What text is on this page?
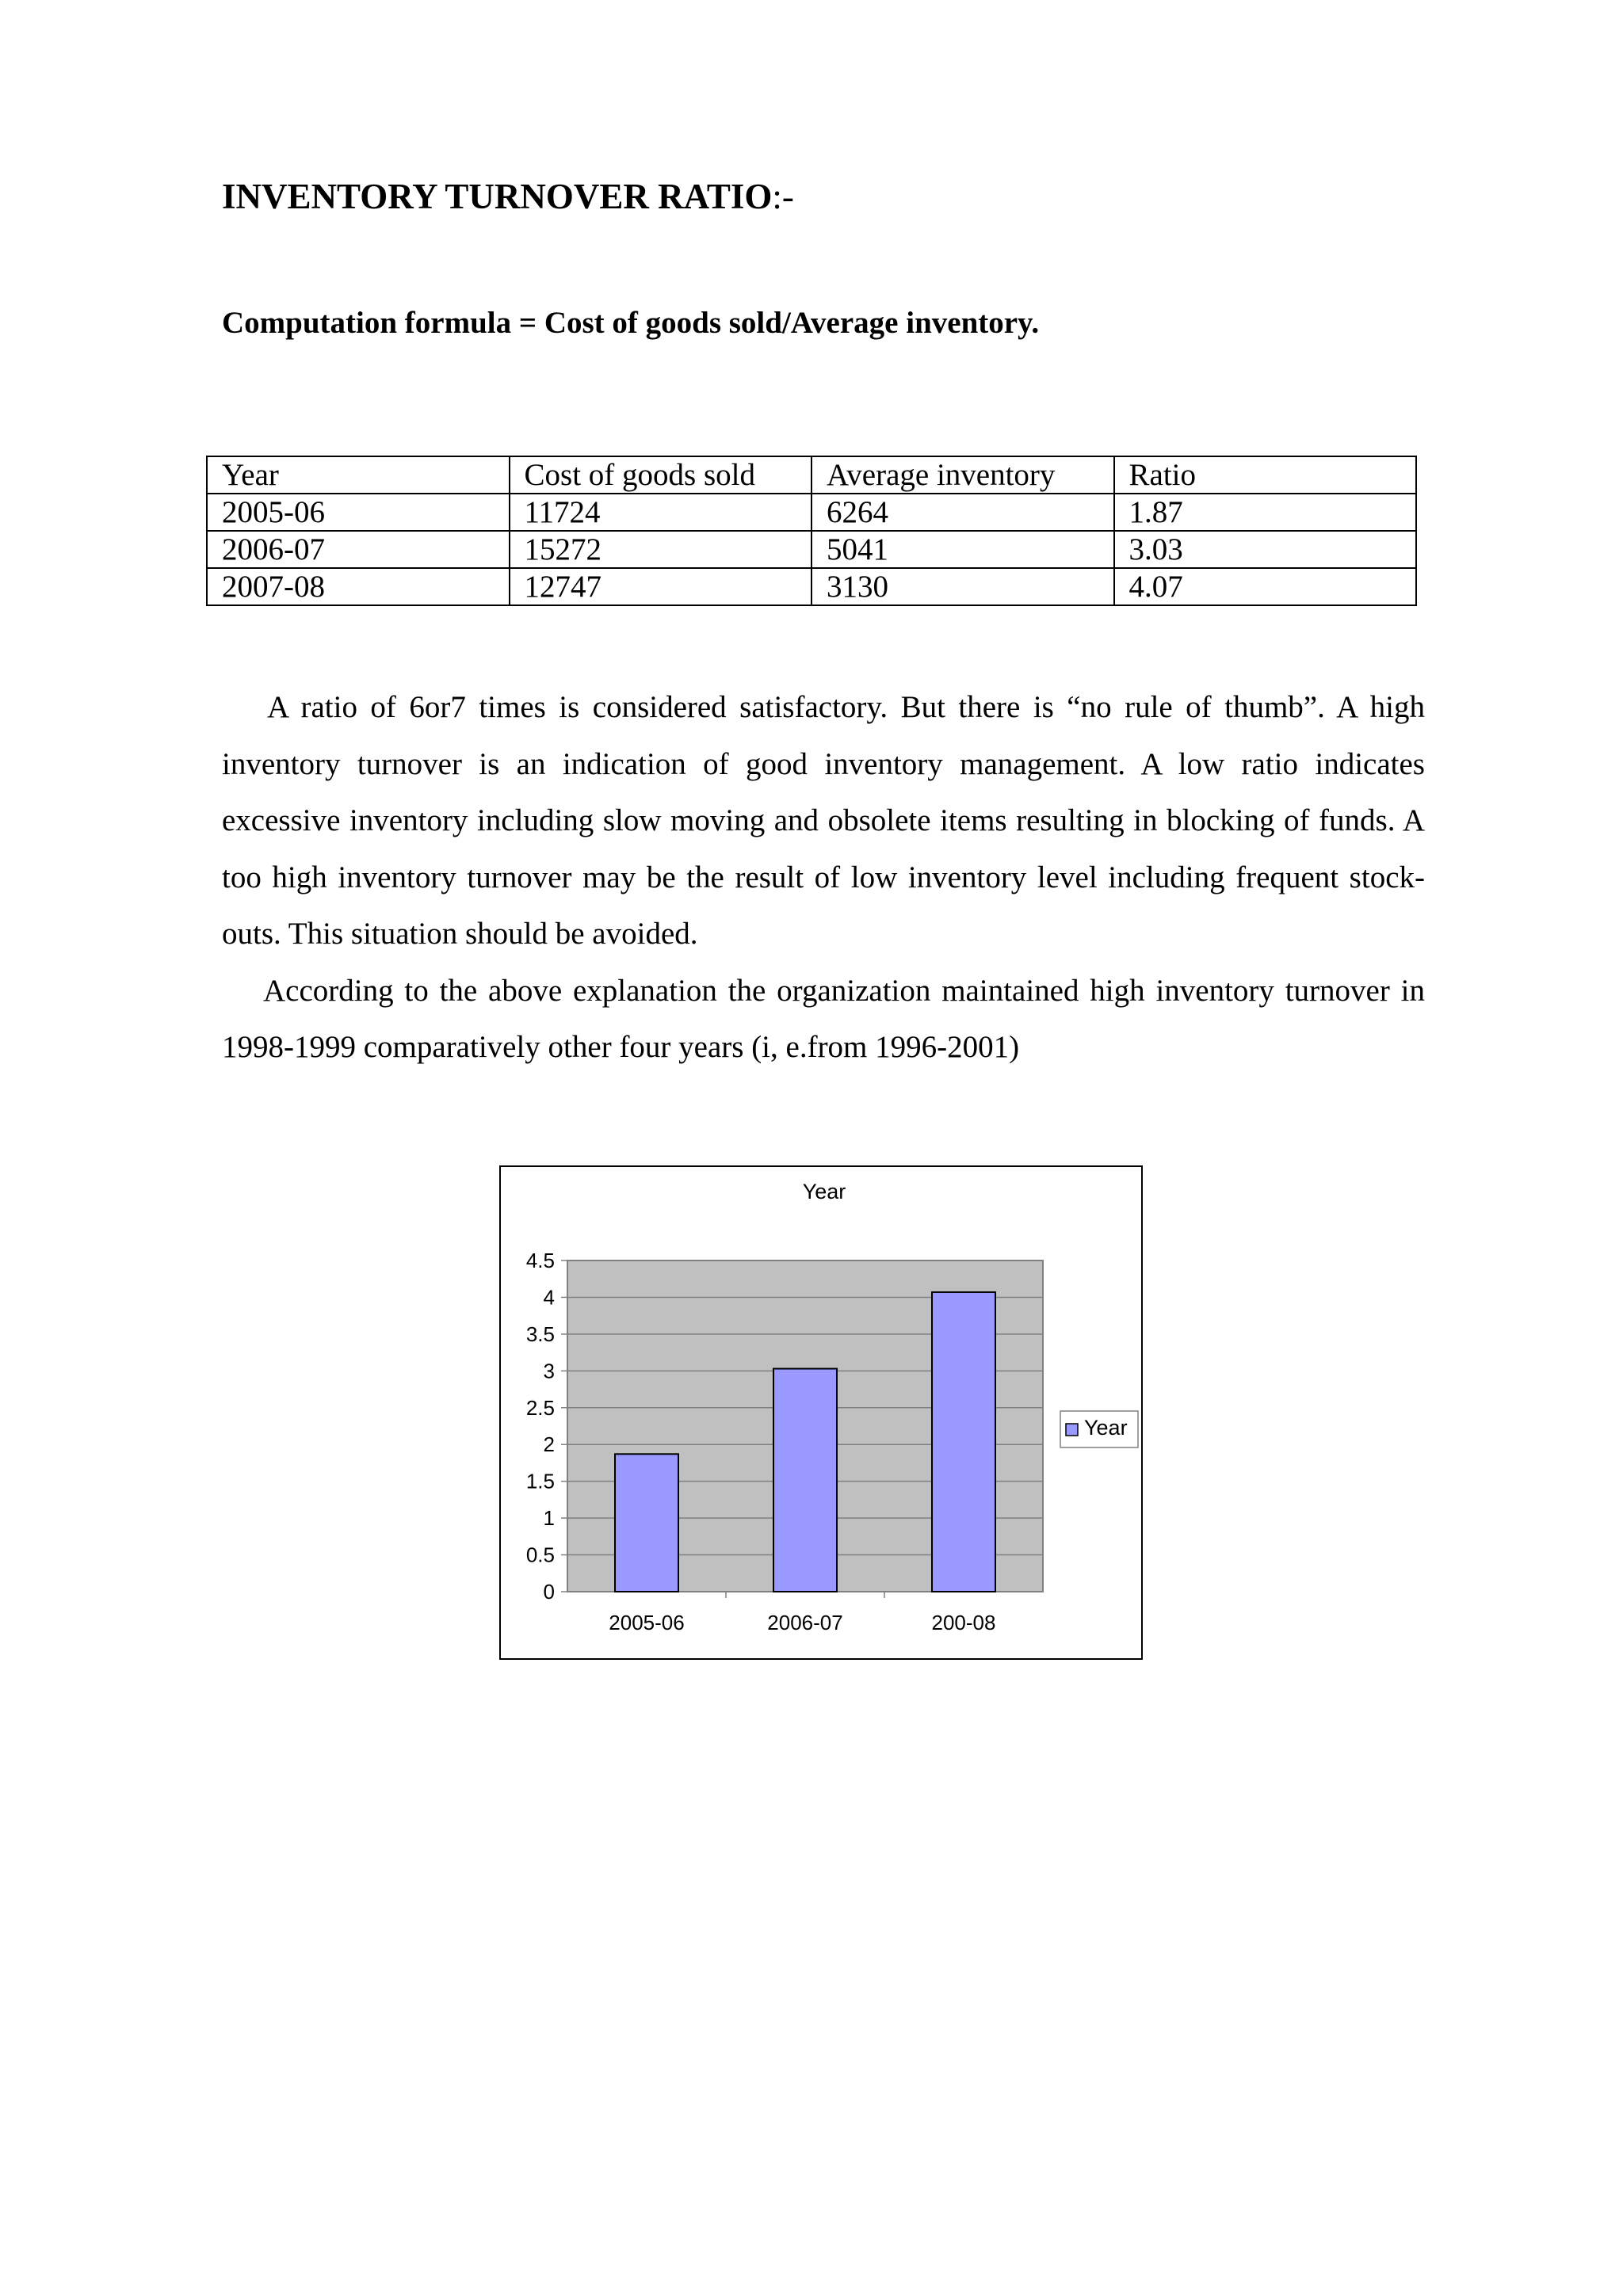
INVENTORY TURNOVER RATIO:-

Computation formula = Cost of goods sold/Average inventory.

Year	Cost of goods sold	Average inventory	Ratio
2005-06	11724	6264	1.87
2006-07	15272	5041	3.03
2007-08	12747	3130	4.07

A ratio of 6or7 times is considered satisfactory. But there is “no rule of thumb”. A high inventory turnover is an indication of good inventory management. A low ratio indicates excessive inventory including slow moving and obsolete items resulting in blocking of funds. A too high inventory turnover may be the result of low inventory level including frequent stock-outs. This situation should be avoided.

According to the above explanation the organization maintained high inventory turnover in 1998-1999 comparatively other four years (i, e.from 1996-2001)

Year
0
0.5
1
1.5
2
2.5
3
3.5
4
4.5
2005-06	2006-07	200-08
Year
